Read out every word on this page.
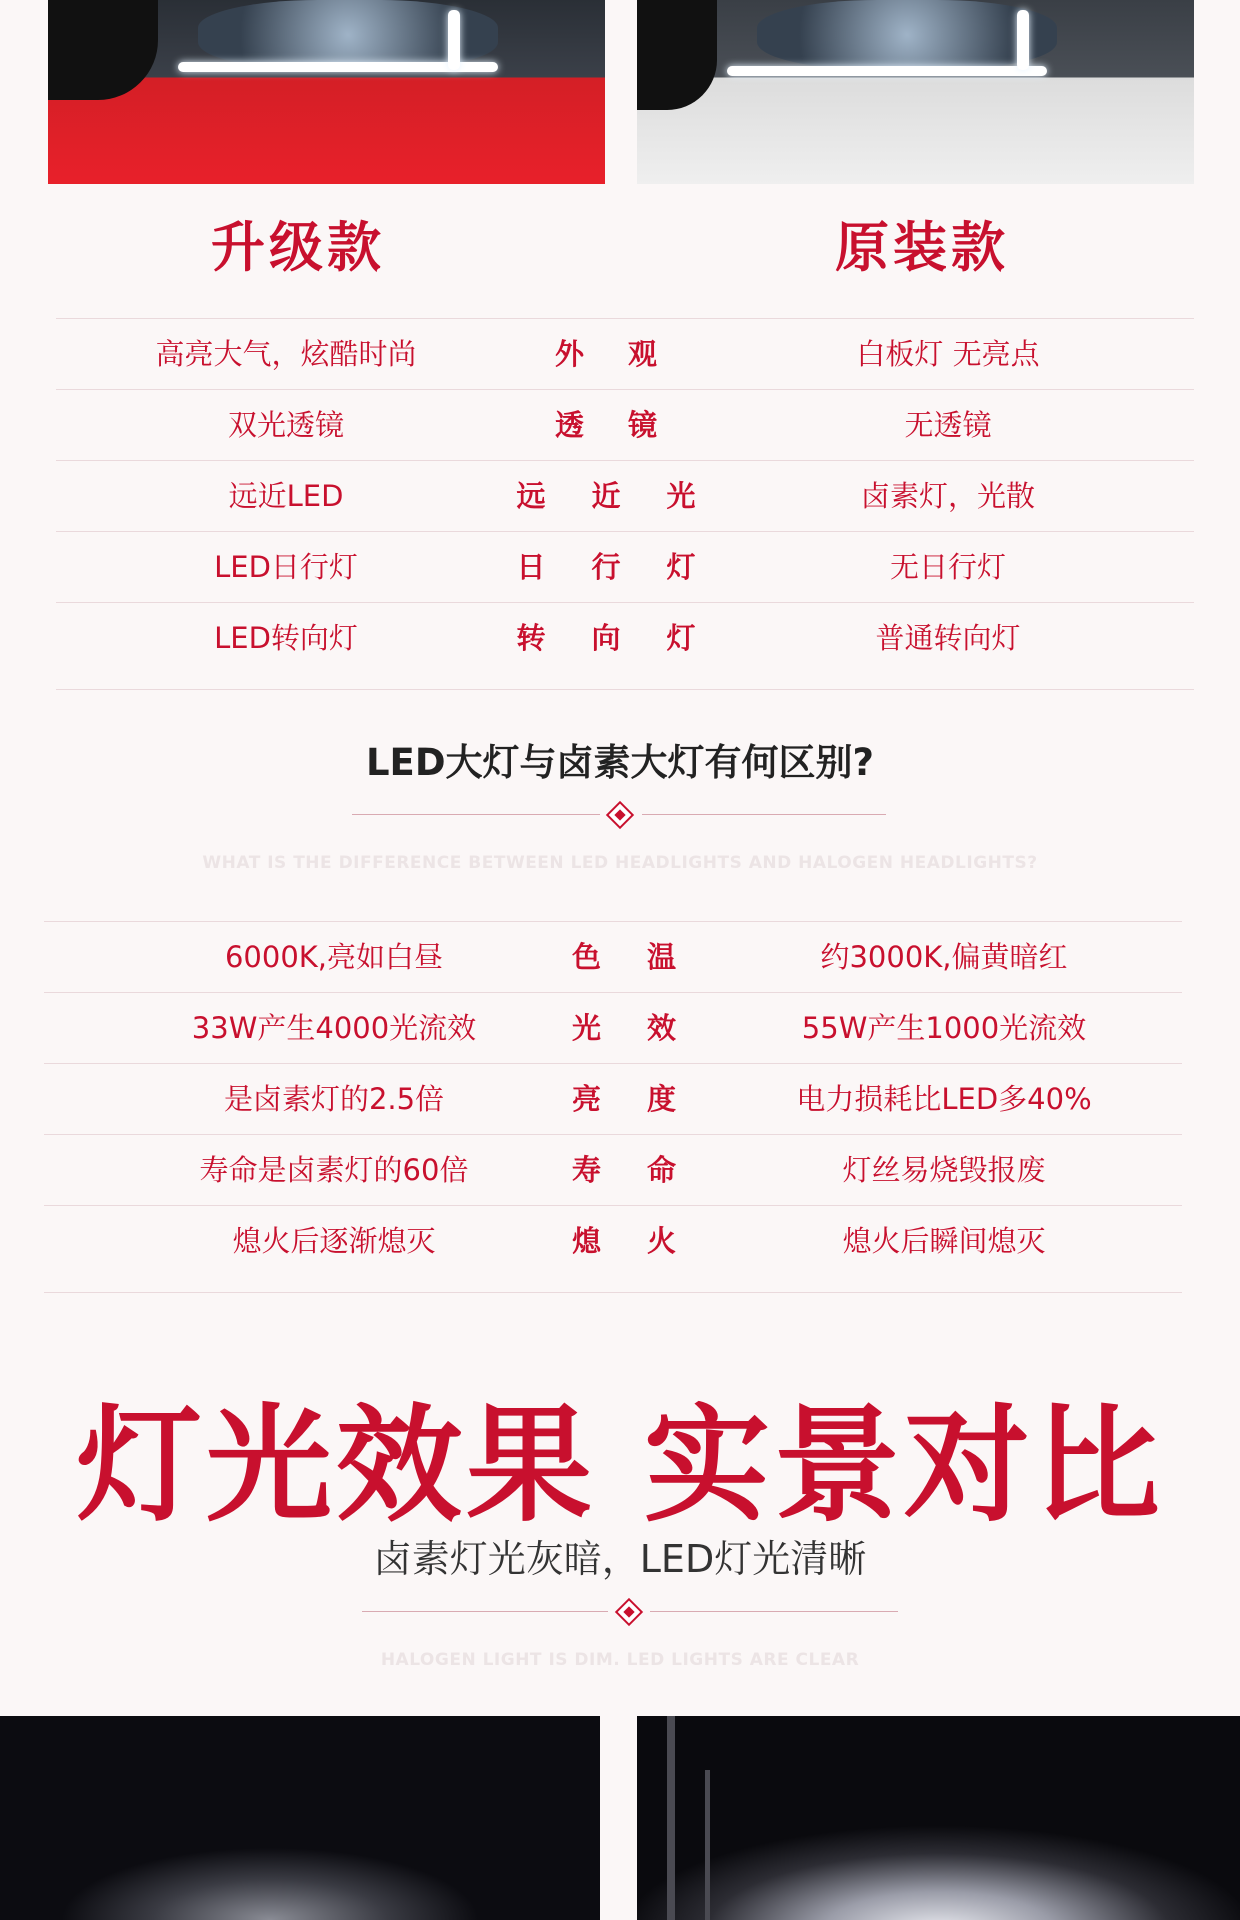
升级款	原装款
高亮大气，炫酷时尚	外 观	白板灯 无亮点
双光透镜	透 镜	无透镜
远近LED	远 近 光	卤素灯，光散
LED日行灯	日 行 灯	无日行灯
LED转向灯	转 向 灯	普通转向灯
LED大灯与卤素大灯有何区别?
WHAT IS THE DIFFERENCE BETWEEN LED HEADLIGHTS AND HALOGEN HEADLIGHTS?
6000K,亮如白昼	色 温	约3000K,偏黄暗红
33W产生4000光流效	光 效	55W产生1000光流效
是卤素灯的2.5倍	亮 度	电力损耗比LED多40%
寿命是卤素灯的60倍	寿 命	灯丝易烧毁报废
熄火后逐渐熄灭	熄 火	熄火后瞬间熄灭
灯光效果 实景对比
卤素灯光灰暗，LED灯光清晰
HALOGEN LIGHT IS DIM. LED LIGHTS ARE CLEAR
